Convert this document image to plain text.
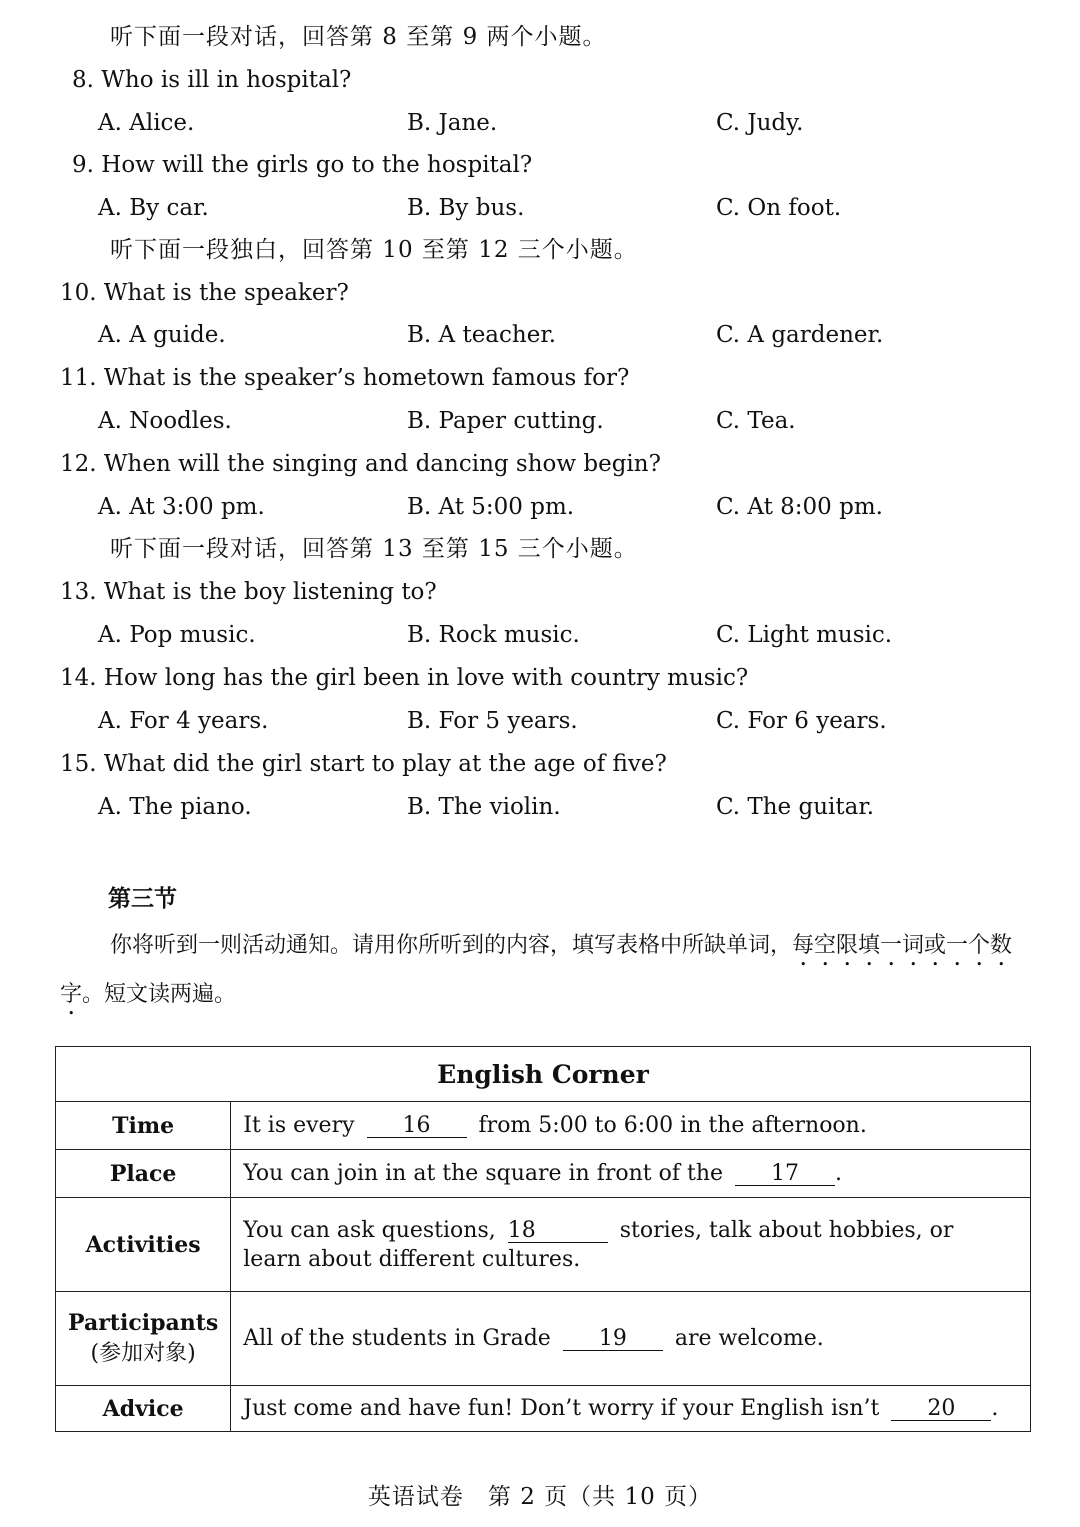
听下面一段对话，回答第 8 至第 9 两个小题。
8. Who is ill in hospital?
A. Alice.	B. Jane.	C. Judy.
9. How will the girls go to the hospital?
A. By car.	B. By bus.	C. On foot.
听下面一段独白，回答第 10 至第 12 三个小题。
10. What is the speaker?
A. A guide.	B. A teacher.	C. A gardener.
11. What is the speaker’s hometown famous for?
A. Noodles.	B. Paper cutting.	C. Tea.
12. When will the singing and dancing show begin?
A. At 3:00 pm.	B. At 5:00 pm.	C. At 8:00 pm.
听下面一段对话，回答第 13 至第 15 三个小题。
13. What is the boy listening to?
A. Pop music.	B. Rock music.	C. Light music.
14. How long has the girl been in love with country music?
A. For 4 years.	B. For 5 years.	C. For 6 years.
15. What did the girl start to play at the age of five?
A. The piano.	B. The violin.	C. The guitar.
第三节
你将听到一则活动通知。请用你所听到的内容，填写表格中所缺单词，每空限填一词或一个数字。短文读两遍。
English Corner	
Time	It is every 16 from 5:00 to 6:00 in the afternoon.
Place	You can join in at the square in front of the 17 .
Activities	You can ask questions, 18 stories, talk about hobbies, or learn about different cultures.

Participants
(参加对象)	All of the students in Grade 19 are welcome.
Advice	Just come and have fun! Don’t worry if your English isn’t 20 .
英语试卷　第 2 页（共 10 页）
